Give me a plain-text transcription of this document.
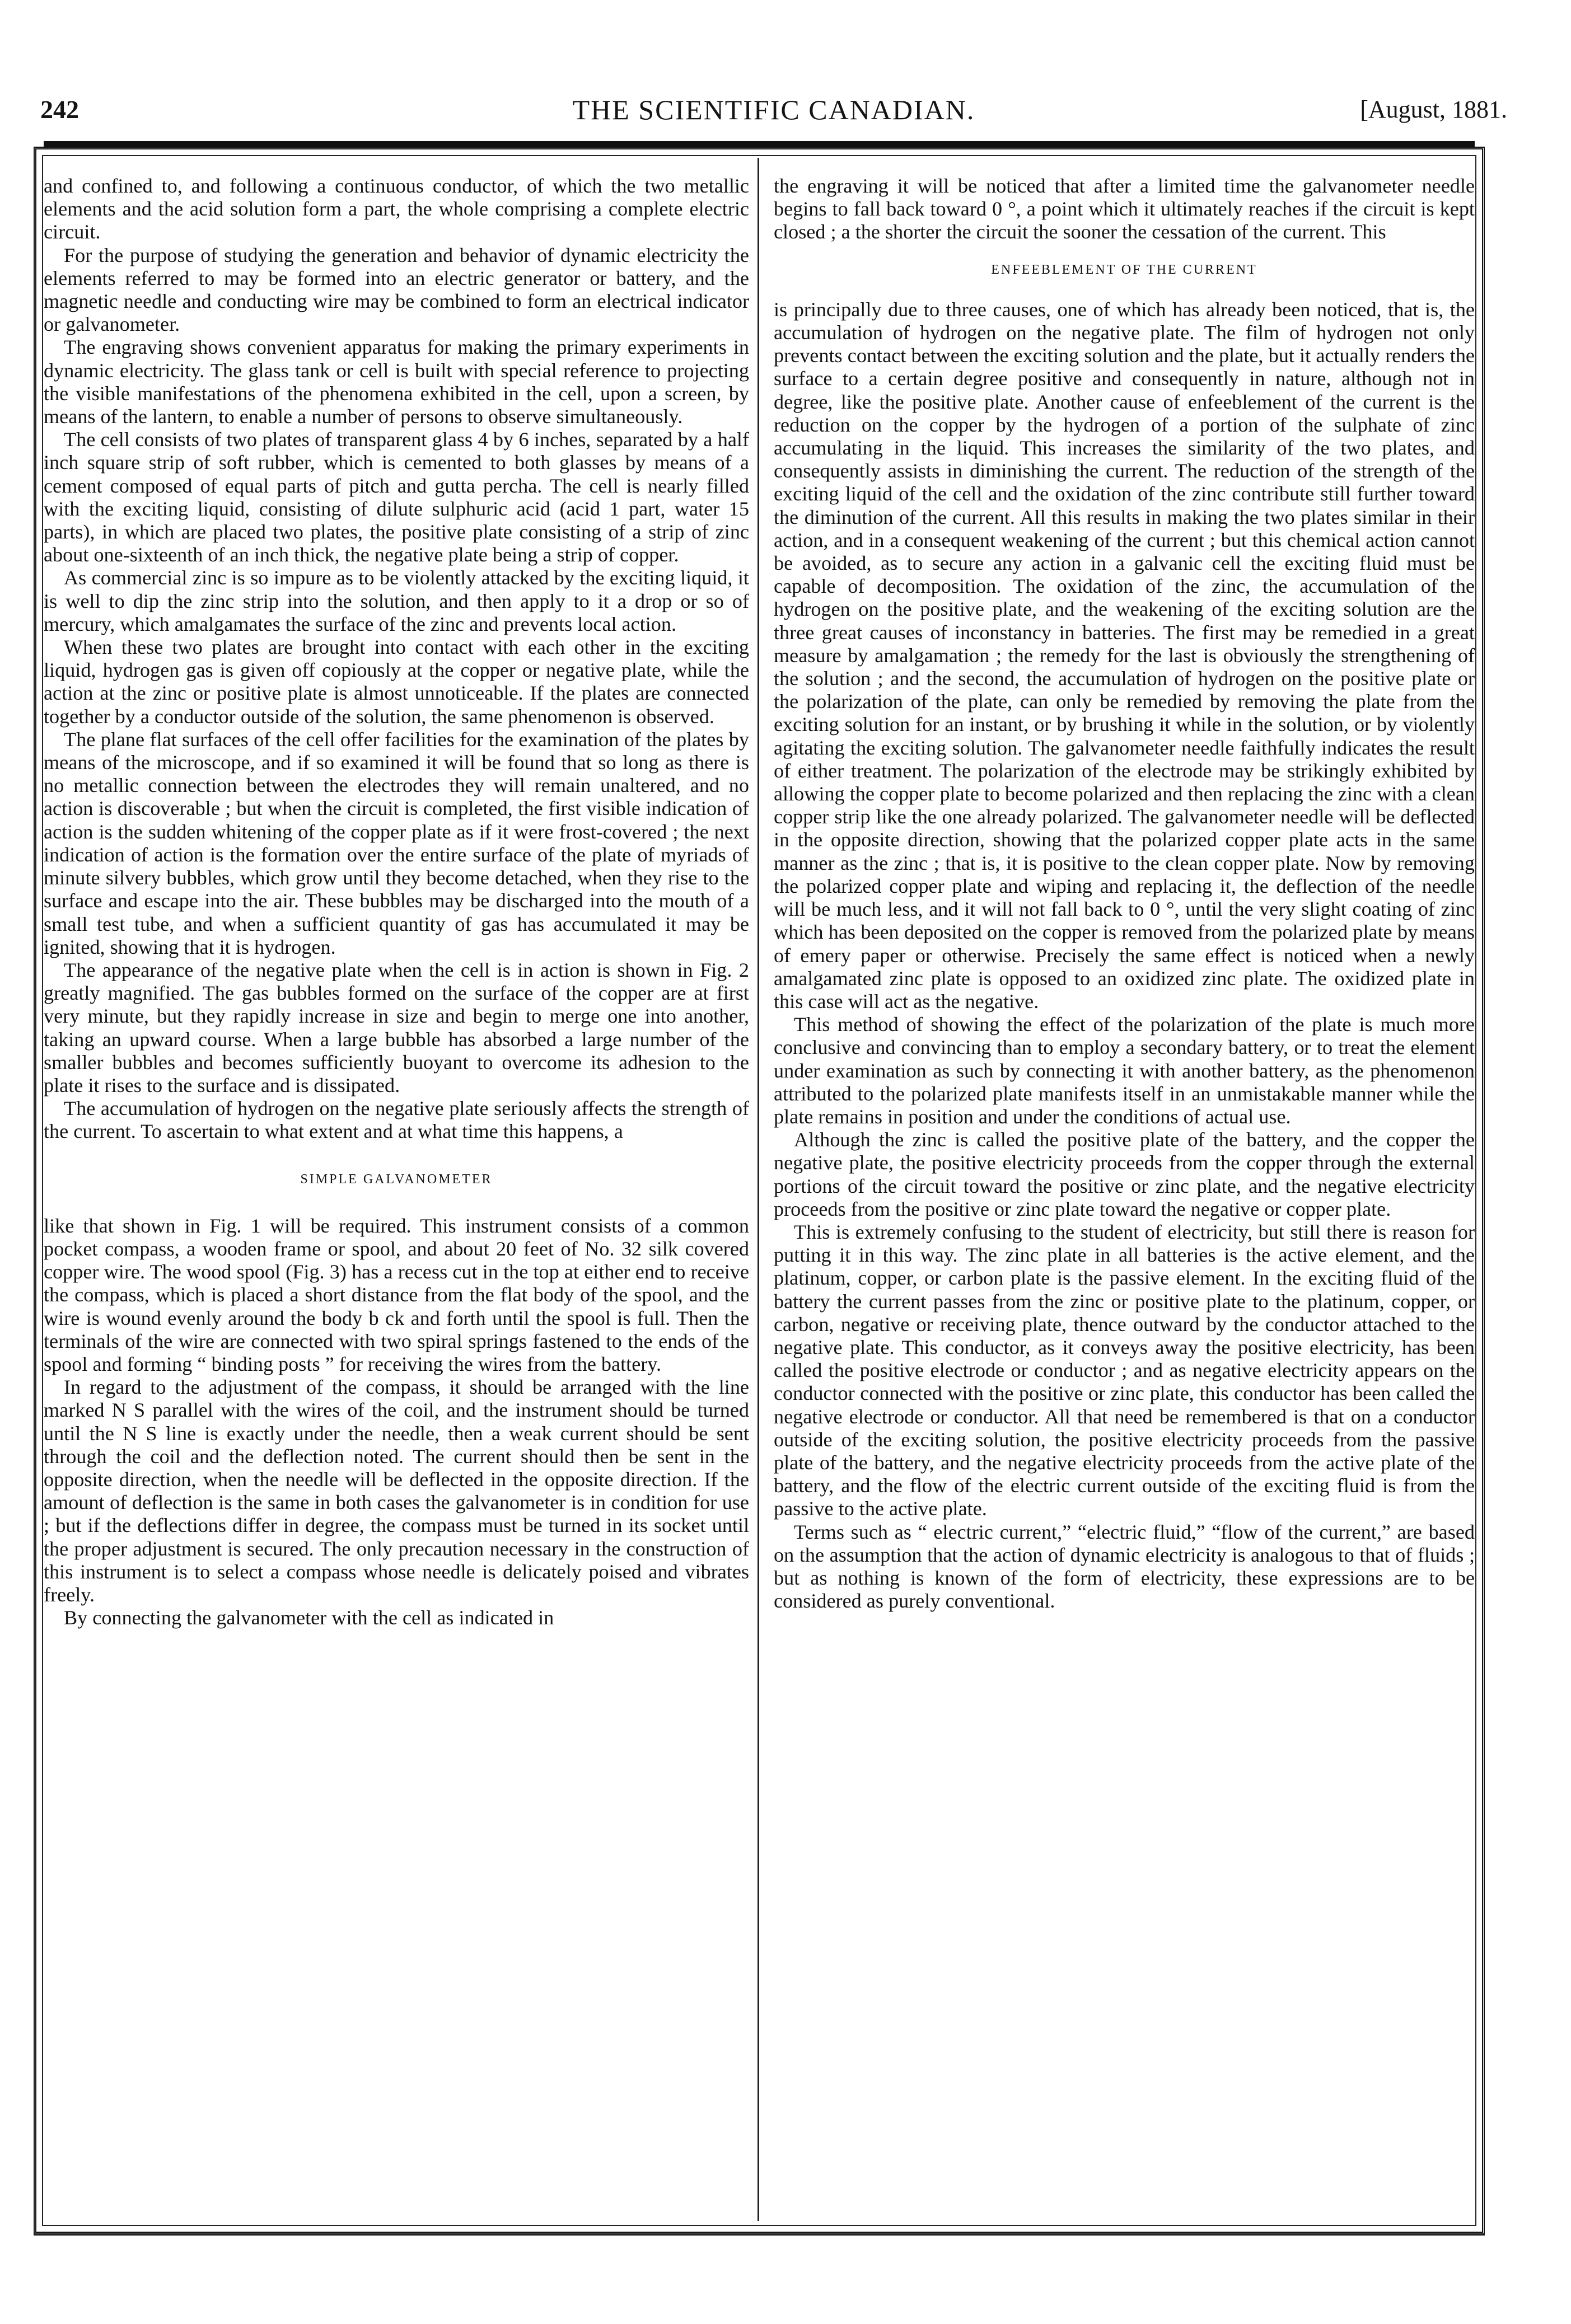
THE SCIENTIFIC CANADIAN.
242	[August, 1881.

and confined to, and following a continuous conductor, of which the two metallic elements and the acid solution form a part, the whole comprising a complete electric circuit.

For the purpose of studying the generation and behavior of dynamic electricity the elements referred to may be formed into an electric generator or battery, and the magnetic needle and conducting wire may be combined to form an electrical indicator or galvanometer.

The engraving shows convenient apparatus for making the primary experiments in dynamic electricity. The glass tank or cell is built with special reference to projecting the visible manifestations of the phenomena exhibited in the cell, upon a screen, by means of the lantern, to enable a number of persons to observe simultaneously.

The cell consists of two plates of transparent glass 4 by 6 inches, separated by a half inch square strip of soft rubber, which is cemented to both glasses by means of a cement composed of equal parts of pitch and gutta percha. The cell is nearly filled with the exciting liquid, consisting of dilute sulphuric acid (acid 1 part, water 15 parts), in which are placed two plates, the positive plate consisting of a strip of zinc about one-sixteenth of an inch thick, the negative plate being a strip of copper.

As commercial zinc is so impure as to be violently attacked by the exciting liquid, it is well to dip the zinc strip into the solution, and then apply to it a drop or so of mercury, which amalgamates the surface of the zinc and prevents local action.

When these two plates are brought into contact with each other in the exciting liquid, hydrogen gas is given off copiously at the copper or negative plate, while the action at the zinc or positive plate is almost unnoticeable. If the plates are connected together by a conductor outside of the solution, the same phenomenon is observed.

The plane flat surfaces of the cell offer facilities for the examination of the plates by means of the microscope, and if so examined it will be found that so long as there is no metallic connection between the electrodes they will remain unaltered, and no action is discoverable ; but when the circuit is completed, the first visible indication of action is the sudden whitening of the copper plate as if it were frost-covered ; the next indication of action is the formation over the entire surface of the plate of myriads of minute silvery bubbles, which grow until they become detached, when they rise to the surface and escape into the air. These bubbles may be discharged into the mouth of a small test tube, and when a sufficient quantity of gas has accumulated it may be ignited, showing that it is hydrogen.

The appearance of the negative plate when the cell is in action is shown in Fig. 2 greatly magnified. The gas bubbles formed on the surface of the copper are at first very minute, but they rapidly increase in size and begin to merge one into another, taking an upward course. When a large bubble has absorbed a large number of the smaller bubbles and becomes sufficiently buoyant to overcome its adhesion to the plate it rises to the surface and is dissipated.

The accumulation of hydrogen on the negative plate seriously affects the strength of the current. To ascertain to what extent and at what time this happens, a

SIMPLE GALVANOMETER

like that shown in Fig. 1 will be required. This instrument consists of a common pocket compass, a wooden frame or spool, and about 20 feet of No. 32 silk covered copper wire. The wood spool (Fig. 3) has a recess cut in the top at either end to receive the compass, which is placed a short distance from the flat body of the spool, and the wire is wound evenly around the body b ck and forth until the spool is full. Then the terminals of the wire are connected with two spiral springs fastened to the ends of the spool and forming “ binding posts ” for receiving the wires from the battery.

In regard to the adjustment of the compass, it should be arranged with the line marked N S parallel with the wires of the coil, and the instrument should be turned until the N S line is exactly under the needle, then a weak current should be sent through the coil and the deflection noted. The current should then be sent in the opposite direction, when the needle will be deflected in the opposite direction. If the amount of deflection is the same in both cases the galvanometer is in condition for use ; but if the deflections differ in degree, the compass must be turned in its socket until the proper adjustment is secured. The only precaution necessary in the construction of this instrument is to select a compass whose needle is delicately poised and vibrates freely.

By connecting the galvanometer with the cell as indicated in

the engraving it will be noticed that after a limited time the galvanometer needle begins to fall back toward 0 °, a point which it ultimately reaches if the circuit is kept closed ; a the shorter the circuit the sooner the cessation of the current. This

ENFEEBLEMENT OF THE CURRENT

is principally due to three causes, one of which has already been noticed, that is, the accumulation of hydrogen on the negative plate. The film of hydrogen not only prevents contact between the exciting solution and the plate, but it actually renders the surface to a certain degree positive and consequently in nature, although not in degree, like the positive plate. Another cause of enfeeblement of the current is the reduction on the copper by the hydrogen of a portion of the sulphate of zinc accumulating in the liquid. This increases the similarity of the two plates, and consequently assists in diminishing the current. The reduction of the strength of the exciting liquid of the cell and the oxidation of the zinc contribute still further toward the diminution of the current. All this results in making the two plates similar in their action, and in a consequent weakening of the current ; but this chemical action cannot be avoided, as to secure any action in a galvanic cell the exciting fluid must be capable of decomposition. The oxidation of the zinc, the accumulation of the hydrogen on the positive plate, and the weakening of the exciting solution are the three great causes of inconstancy in batteries. The first may be remedied in a great measure by amalgamation ; the remedy for the last is obviously the strengthening of the solution ; and the second, the accumulation of hydrogen on the positive plate or the polarization of the plate, can only be remedied by removing the plate from the exciting solution for an instant, or by brushing it while in the solution, or by violently agitating the exciting solution. The galvanometer needle faithfully indicates the result of either treatment. The polarization of the electrode may be strikingly exhibited by allowing the copper plate to become polarized and then replacing the zinc with a clean copper strip like the one already polarized. The galvanometer needle will be deflected in the opposite direction, showing that the polarized copper plate acts in the same manner as the zinc ; that is, it is positive to the clean copper plate. Now by removing the polarized copper plate and wiping and replacing it, the deflection of the needle will be much less, and it will not fall back to 0 °, until the very slight coating of zinc which has been deposited on the copper is removed from the polarized plate by means of emery paper or otherwise. Precisely the same effect is noticed when a newly amalgamated zinc plate is opposed to an oxidized zinc plate. The oxidized plate in this case will act as the negative.

This method of showing the effect of the polarization of the plate is much more conclusive and convincing than to employ a secondary battery, or to treat the element under examination as such by connecting it with another battery, as the phenomenon attributed to the polarized plate manifests itself in an unmistakable manner while the plate remains in position and under the conditions of actual use.

Although the zinc is called the positive plate of the battery, and the copper the negative plate, the positive electricity proceeds from the copper through the external portions of the circuit toward the positive or zinc plate, and the negative electricity proceeds from the positive or zinc plate toward the negative or copper plate.

This is extremely confusing to the student of electricity, but still there is reason for putting it in this way. The zinc plate in all batteries is the active element, and the platinum, copper, or carbon plate is the passive element. In the exciting fluid of the battery the current passes from the zinc or positive plate to the platinum, copper, or carbon, negative or receiving plate, thence outward by the conductor attached to the negative plate. This conductor, as it conveys away the positive electricity, has been called the positive electrode or conductor ; and as negative electricity appears on the conductor connected with the positive or zinc plate, this conductor has been called the negative electrode or conductor. All that need be remembered is that on a conductor outside of the exciting solution, the positive electricity proceeds from the passive plate of the battery, and the negative electricity proceeds from the active plate of the battery, and the flow of the electric current outside of the exciting fluid is from the passive to the active plate.

Terms such as “ electric current,” “electric fluid,” “flow of the current,” are based on the assumption that the action of dynamic electricity is analogous to that of fluids ; but as nothing is known of the form of electricity, these expressions are to be considered as purely conventional.
